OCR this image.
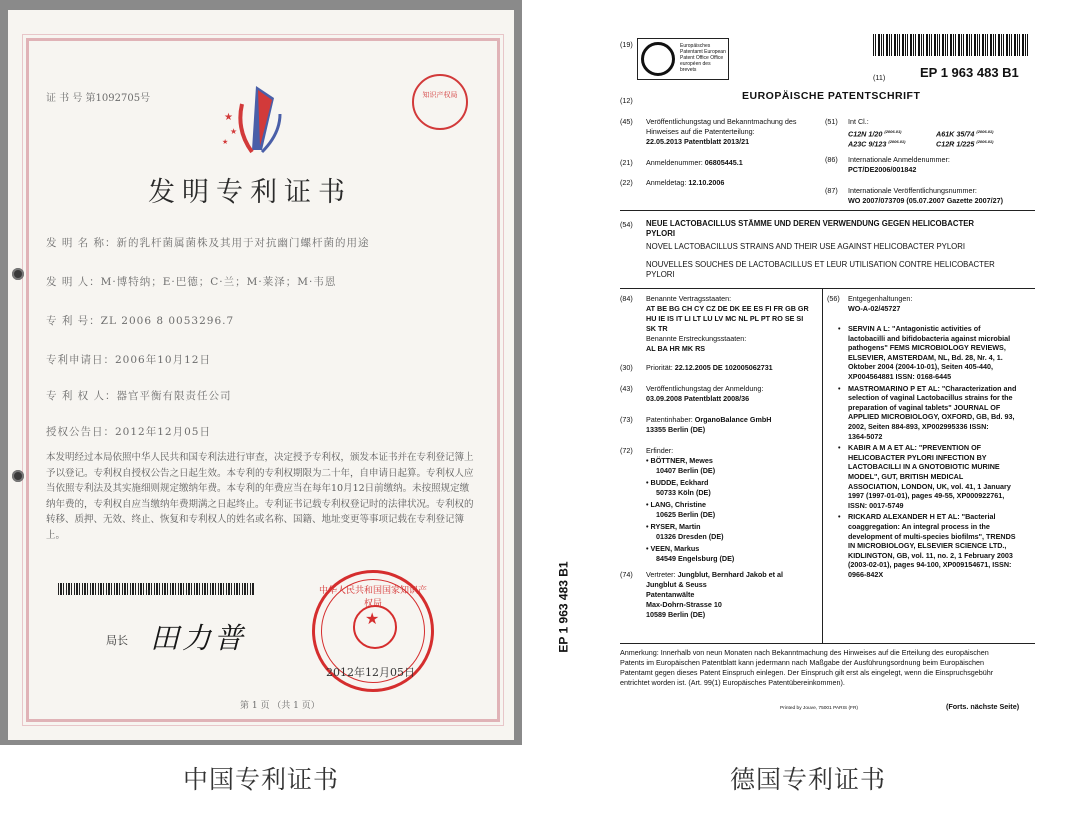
证 书 号 第1092705号
★
★
★
知识产权局
发明专利证书
发 明 名 称：新的乳杆菌属菌株及其用于对抗幽门螺杆菌的用途
发 明 人：M·博特纳；E·巴德；C·兰；M·莱泽；M·韦恩
专 利 号：ZL 2006 8 0053296.7
专利申请日：2006年10月12日
专 利 权 人：器官平衡有限责任公司
授权公告日：2012年12月05日
本发明经过本局依照中华人民共和国专利法进行审查，决定授予专利权，颁发本证书并在专利登记簿上予以登记。专利权自授权公告之日起生效。本专利的专利权期限为二十年，自申请日起算。专利权人应当依照专利法及其实施细则规定缴纳年费。本专利的年费应当在每年10月12日前缴纳。未按照规定缴纳年费的，专利权自应当缴纳年费期满之日起终止。专利证书记载专利权登记时的法律状况。专利权的转移、质押、无效、终止、恢复和专利权人的姓名或名称、国籍、地址变更等事项记载在专利登记簿上。
局长 田力普
中华人民共和国国家知识产权局
★
2012年12月05日
第 1 页 （共 1 页）
(19)	Europäisches Patentamt European Patent Office Office européen des brevets
(11)	EP 1 963 483 B1
(12)	EUROPÄISCHE PATENTSCHRIFT
(45) Veröffentlichungstag und Bekanntmachung des
Hinweises auf die Patenterteilung:
22.05.2013 Patentblatt 2013/21
(21) Anmeldenummer: 06805445.1
(22) Anmeldetag: 12.10.2006
(51) Int Cl.:
C12N 1/20 $^{(2006.01)}$	A61K 35/74 $^{(2006.01)}$
A23C 9/123 $^{(2006.01)}$	C12R 1/225 $^{(2006.01)}$
(86) Internationale Anmeldenummer:
PCT/DE2006/001842
(87) Internationale Veröffentlichungsnummer:
WO 2007/073709 (05.07.2007 Gazette 2007/27)
(54) NEUE LACTOBACILLUS STÄMME UND DEREN VERWENDUNG GEGEN HELICOBACTER
PYLORI
NOVEL LACTOBACILLUS STRAINS AND THEIR USE AGAINST HELICOBACTER PYLORI
NOUVELLES SOUCHES DE LACTOBACILLUS ET LEUR UTILISATION CONTRE HELICOBACTER
PYLORI
(84) Benannte Vertragsstaaten:
AT BE BG CH CY CZ DE DK EE ES FI FR GB GR
HU IE IS IT LI LT LU LV MC NL PL PT RO SE SI
SK TR
Benannte Erstreckungsstaaten:
AL BA HR MK RS
(30) Priorität: 22.12.2005 DE 102005062731
(43) Veröffentlichungstag der Anmeldung:
03.09.2008 Patentblatt 2008/36
(73) Patentinhaber: OrganoBalance GmbH
13355 Berlin (DE)
(72) Erfinder:
• BÖTTNER, Mewes
10407 Berlin (DE)
• BUDDE, Eckhard
50733 Köln (DE)
• LANG, Christine
10625 Berlin (DE)
• RYSER, Martin
01326 Dresden (DE)
• VEEN, Markus
84549 Engelsburg (DE)
(74) Vertreter: Jungblut, Bernhard Jakob et al
Jungblut & Seuss
Patentanwälte
Max-Dohrn-Strasse 10
10589 Berlin (DE)
(56) Entgegenhaltungen:
WO-A-02/45727
• SERVIN A L: "Antagonistic activities of
lactobacilli and bifidobacteria against microbial
pathogens" FEMS MICROBIOLOGY REVIEWS,
ELSEVIER, AMSTERDAM, NL, Bd. 28, Nr. 4, 1.
Oktober 2004 (2004-10-01), Seiten 405-440,
XP004564881 ISSN: 0168-6445
• MASTROMARINO P ET AL: "Characterization and
selection of vaginal Lactobacillus strains for the
preparation of vaginal tablets" JOURNAL OF
APPLIED MICROBIOLOGY, OXFORD, GB, Bd. 93,
2002, Seiten 884-893, XP002995336 ISSN:
1364-5072
• KABIR A M A ET AL: "PREVENTION OF
HELICOBACTER PYLORI INFECTION BY
LACTOBACILLI IN A GNOTOBIOTIC MURINE
MODEL", GUT, BRITISH MEDICAL
ASSOCIATION, LONDON, UK, vol. 41, 1 January
1997 (1997-01-01), pages 49-55, XP000922761,
ISSN: 0017-5749
• RICKARD ALEXANDER H ET AL: "Bacterial
coaggregation: An integral process in the
development of multi-species biofilms", TRENDS
IN MICROBIOLOGY, ELSEVIER SCIENCE LTD.,
KIDLINGTON, GB, vol. 11, no. 2, 1 February 2003
(2003-02-01), pages 94-100, XP009154671, ISSN:
0966-842X
Anmerkung: Innerhalb von neun Monaten nach Bekanntmachung des Hinweises auf die Erteilung des europäischen
Patents im Europäischen Patentblatt kann jedermann nach Maßgabe der Ausführungsordnung beim Europäischen
Patentamt gegen dieses Patent Einspruch einlegen. Der Einspruch gilt erst als eingelegt, wenn die Einspruchsgebühr
entrichtet worden ist. (Art. 99(1) Europäisches Patentübereinkommen).
Printed by Jouve, 75001 PARIS (FR)	(Forts. nächste Seite)
EP 1 963 483 B1
中国专利证书	德国专利证书
